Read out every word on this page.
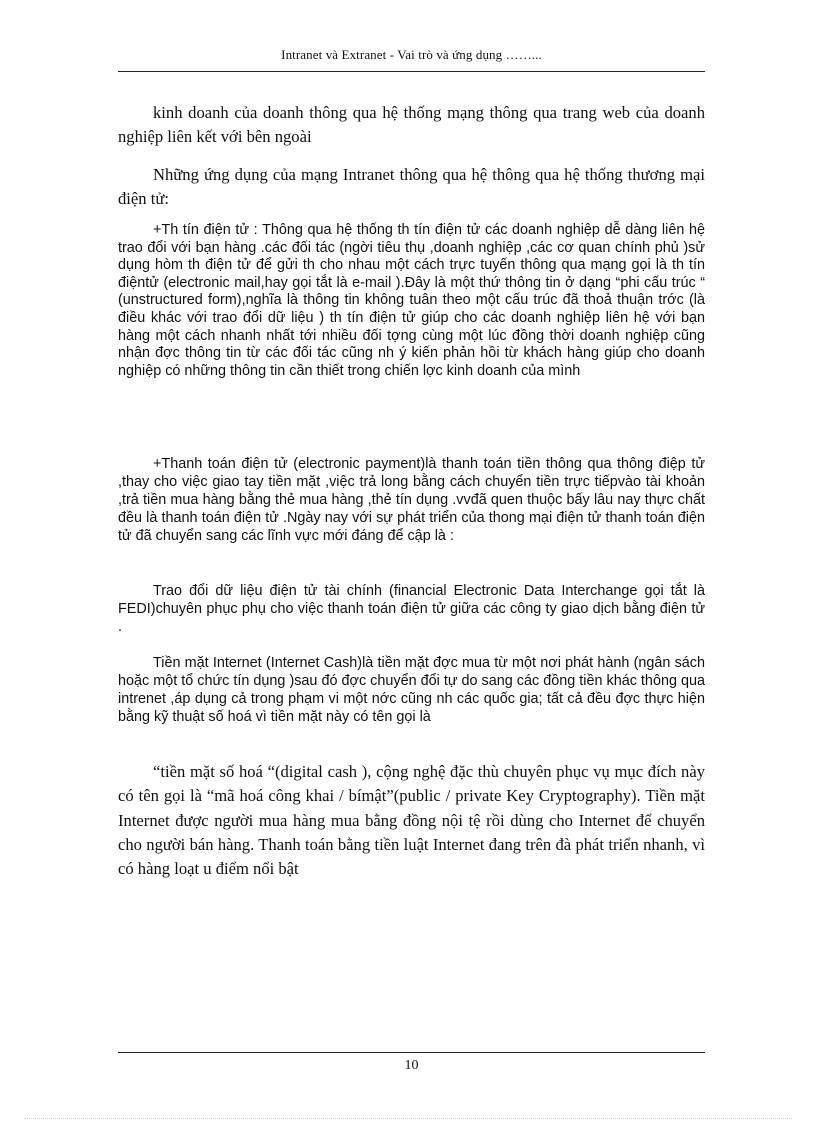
Intranet và Extranet - Vai trò và ứng dụng ……...

kinh doanh của doanh thông qua hệ thống mạng thông qua trang web của doanh nghiệp liên kết với bên ngoài

Những ứng dụng của mạng Intranet thông qua hệ thông qua hệ thống thương mại điện tử:

+Th tín điện tử : Thông qua hệ thống th tín điện tử các doanh nghiệp dễ dàng liên hệ trao đổi với bạn hàng .các đối tác (ngời tiêu thụ ,doanh nghiệp ,các cơ quan chính phủ )sử dụng hòm th điện tử để gửi th cho nhau một cách trực tuyến thông qua mạng gọi là th tín điệntử (electronic mail,hay gọi tắt là e-mail ).Đây là một thứ thông tin ở dạng “phi cấu trúc “ (unstructured form),nghĩa là thông tin không tuân theo một cấu trúc đã thoả thuận trớc (là điều khác với trao đổi dữ liệu ) th tín điện tử giúp cho các doanh nghiệp liên hệ với bạn hàng một cách nhanh nhất tới nhiều đối tợng cùng một lúc đồng thời doanh nghiệp cũng nhận đợc thông tin từ các đối tác cũng nh ý kiến phản hồi từ khách hàng giúp cho doanh nghiệp có những thông tin cần thiết trong chiến lợc kinh doanh của mình

+Thanh toán điện tử (electronic payment)là thanh toán tiền thông qua thông điệp tử ,thay cho việc giao tay tiền mặt ,việc trả long bằng cách chuyển tiền trực tiếpvào tài khoản ,trả tiền mua hàng bằng thẻ mua hàng ,thẻ tín dụng .vvđã quen thuộc bấy lâu nay thực chất đều là thanh toán điện tử .Ngày nay với sự phát triển của thong mại điện tử thanh toán điện tử đã chuyển sang các lĩnh vực mới đáng để cập là :

Trao đổi dữ liệu điện tử tài chính (financial Electronic Data Interchange gọi tắt là FEDI)chuyên phục phụ cho việc thanh toán điện tử giữa các công ty giao dịch bằng điện tử .

Tiền mặt Internet (Internet Cash)là tiền mặt đợc mua từ một nơi phát hành (ngân sách hoặc một tổ chức tín dụng )sau đó đợc chuyển đổi tự do sang các đồng tiền khác thông qua intrenet ,áp dụng cả trong phạm vi một nớc cũng nh các quốc gia; tất cả đều đợc thực hiện bằng kỹ thuật số hoá vì tiền mặt này có tên gọi là

“tiền mặt số hoá “(digital cash ), cộng nghệ đặc thù chuyên phục vụ mục đích này có tên gọi là “mã hoá công khai / bímật”(public / private Key Cryptography). Tiền mặt Internet được người mua hàng mua bằng đồng nội tệ rồi dùng cho Internet để chuyển cho người bán hàng. Thanh toán bằng tiền luật Internet đang trên đà phát triển nhanh, vì có hàng loạt u điểm nổi bật

10
